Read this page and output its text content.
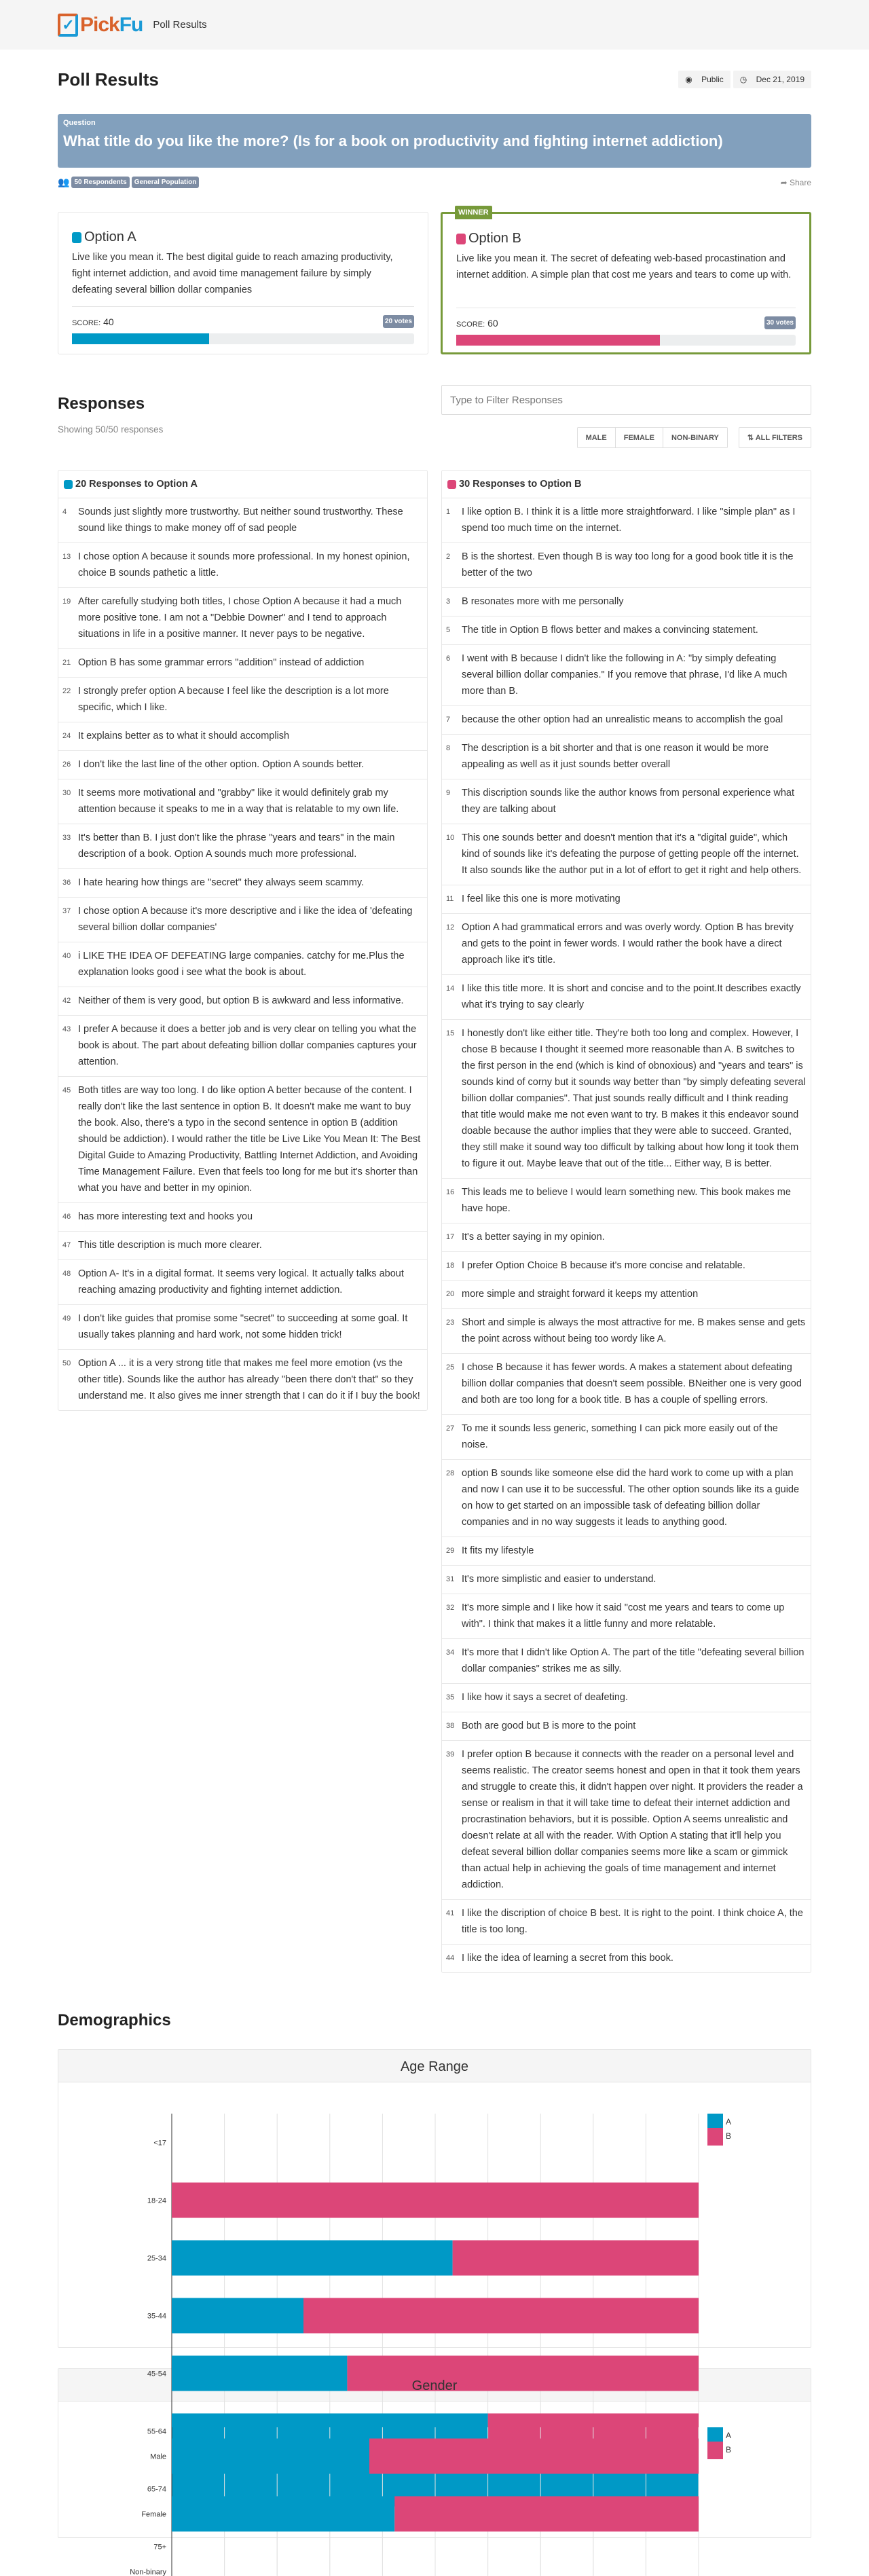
✓ Pick Fu Poll Results
Poll Results	◉ Public	◷ Dec 21, 2019
Question
What title do you like the more? (Is for a book on productivity and fighting internet addiction)
👥 50 Respondents	General Population	➦ Share
Option A

Live like you mean it. The best digital guide to reach amazing productivity, fight internet addiction, and avoid time management failure by simply defeating several billion dollar companies

SCORE: 40	20 votes
WINNER
Option B

Live like you mean it. The secret of defeating web-based procastination and internet addition. A simple plan that cost me years and tears to come up with.

SCORE: 60	30 votes
Responses
Showing 50/50 responses
Type to Filter Responses
MALE	FEMALE	NON-BINARY	⇅ ALL FILTERS
20 Responses to Option A
4	Sounds just slightly more trustworthy. But neither sound trustworthy. These sound like things to make money off of sad people
13 I chose option A because it sounds more professional. In my honest opinion, choice B sounds pathetic a little.
19 After carefully studying both titles, I chose Option A because it had a much more positive tone. I am not a "Debbie Downer" and I tend to approach situations in life in a positive manner. It never pays to be negative.
21 Option B has some grammar errors "addition" instead of addiction
22 I strongly prefer option A because I feel like the description is a lot more specific, which I like.
24 It explains better as to what it should accomplish
26 I don't like the last line of the other option. Option A sounds better.
30 It seems more motivational and "grabby" like it would definitely grab my attention because it speaks to me in a way that is relatable to my own life.
33 It's better than B. I just don't like the phrase "years and tears" in the main description of a book. Option A sounds much more professional.
36 I hate hearing how things are "secret" they always seem scammy.
37 I chose option A because it's more descriptive and i like the idea of 'defeating several billion dollar companies'
40 i LIKE THE IDEA OF DEFEATING large companies. catchy for me.Plus the explanation looks good i see what the book is about.
42 Neither of them is very good, but option B is awkward and less informative.
43 I prefer A because it does a better job and is very clear on telling you what the book is about. The part about defeating billion dollar companies captures your attention.
45 Both titles are way too long. I do like option A better because of the content. I really don't like the last sentence in option B. It doesn't make me want to buy the book. Also, there's a typo in the second sentence in option B (addition should be addiction). I would rather the title be Live Like You Mean It: The Best Digital Guide to Amazing Productivity, Battling Internet Addiction, and Avoiding Time Management Failure. Even that feels too long for me but it's shorter than what you have and better in my opinion.
46 has more interesting text and hooks you
47 This title description is much more clearer.
48 Option A- It's in a digital format. It seems very logical. It actually talks about reaching amazing productivity and fighting internet addiction.
49 I don't like guides that promise some "secret" to succeeding at some goal. It usually takes planning and hard work, not some hidden trick!
50 Option A ... it is a very strong title that makes me feel more emotion (vs the other title). Sounds like the author has already "been there don't that" so they understand me. It also gives me inner strength that I can do it if I buy the book!
30 Responses to Option B
1	I like option B. I think it is a little more straightforward. I like "simple plan" as I spend too much time on the internet.
2	B is the shortest. Even though B is way too long for a good book title it is the better of the two
3	B resonates more with me personally
5	The title in Option B flows better and makes a convincing statement.
6	I went with B because I didn't like the following in A: "by simply defeating several billion dollar companies." If you remove that phrase, I'd like A much more than B.
7	because the other option had an unrealistic means to accomplish the goal
8	The description is a bit shorter and that is one reason it would be more appealing as well as it just sounds better overall
9	This discription sounds like the author knows from personal experience what they are talking about
10 This one sounds better and doesn't mention that it's a "digital guide", which kind of sounds like it's defeating the purpose of getting people off the internet. It also sounds like the author put in a lot of effort to get it right and help others.
11 I feel like this one is more motivating
12 Option A had grammatical errors and was overly wordy. Option B has brevity and gets to the point in fewer words. I would rather the book have a direct approach like it's title.
14 I like this title more. It is short and concise and to the point.It describes exactly what it's trying to say clearly
15 I honestly don't like either title. They're both too long and complex. However, I chose B because I thought it seemed more reasonable than A. B switches to the first person in the end (which is kind of obnoxious) and "years and tears" is sounds kind of corny but it sounds way better than "by simply defeating several billion dollar companies". That just sounds really difficult and I think reading that title would make me not even want to try. B makes it this endeavor sound doable because the author implies that they were able to succeed. Granted, they still make it sound way too difficult by talking about how long it took them to figure it out. Maybe leave that out of the title... Either way, B is better.
16 This leads me to believe I would learn something new. This book makes me have hope.
17 It's a better saying in my opinion.
18 I prefer Option Choice B because it's more concise and relatable.
20 more simple and straight forward it keeps my attention
23 Short and simple is always the most attractive for me. B makes sense and gets the point across without being too wordy like A.
25 I chose B because it has fewer words. A makes a statement about defeating billion dollar companies that doesn't seem possible. BNeither one is very good and both are too long for a book title. B has a couple of spelling errors.
27 To me it sounds less generic, something I can pick more easily out of the noise.
28 option B sounds like someone else did the hard work to come up with a plan and now I can use it to be successful. The other option sounds like its a guide on how to get started on an impossible task of defeating billion dollar companies and in no way suggests it leads to anything good.
29 It fits my lifestyle
31 It's more simplistic and easier to understand.
32 It's more simple and I like how it said "cost me years and tears to come up with". I think that makes it a little funny and more relatable.
34 It's more that I didn't like Option A. The part of the title "defeating several billion dollar companies" strikes me as silly.
35 I like how it says a secret of deafeting.
38 Both are good but B is more to the point
39 I prefer option B because it connects with the reader on a personal level and seems realistic. The creator seems honest and open in that it took them years and struggle to create this, it didn't happen over night. It providers the reader a sense or realism in that it will take time to defeat their internet addiction and procrastination behaviors, but it is possible. Option A seems unrealistic and doesn't relate at all with the reader. With Option A stating that it'll help you defeat several billion dollar companies seems more like a scam or gimmick than actual help in achieving the goals of time management and internet addiction.
41 I like the discription of choice B best. It is right to the point. I think choice A, the title is too long.
44 I like the idea of learning a secret from this book.
Demographics
Age Range
<17
18-24
25-34
35-44
45-54
55-64
65-74
75+
A
B
Gender
Male
Female
Non-binary
A
B
